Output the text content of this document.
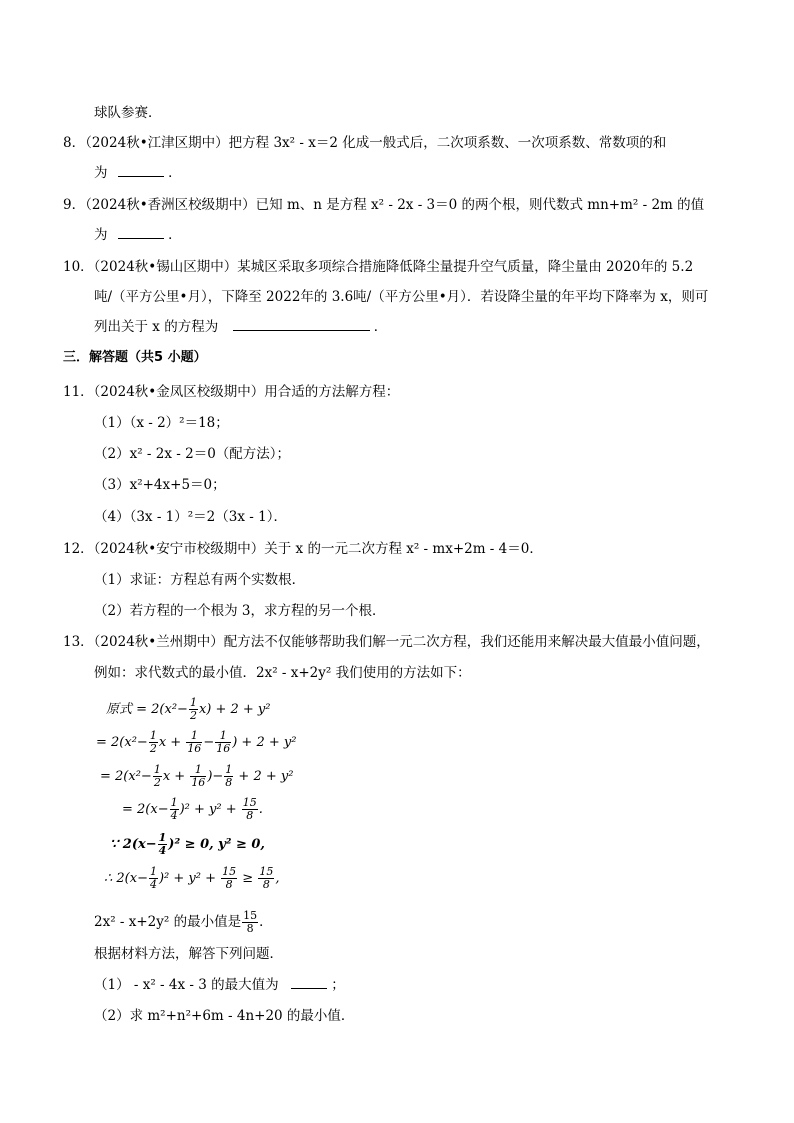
球队参赛．
8．（2024秋•江津区期中）把方程 3x² - x＝2 化成一般式后，二次项系数、一次项系数、常数项的和
为	．
9．（2024秋•香洲区校级期中）已知 m、n 是方程 x² - 2x - 3＝0 的两个根，则代数式 mn+m² - 2m 的值
为	．
10．（2024秋•锡山区期中）某城区采取多项综合措施降低降尘量提升空气质量，降尘量由 2020年的 5.2
吨/（平方公里•月），下降至 2022年的 3.6吨/（平方公里•月）．若设降尘量的年平均下降率为 x，则可
列出关于 x 的方程为	．
三．解答题（共5 小题）
11．（2024秋•金凤区校级期中）用合适的方法解方程：
（1）（x - 2）²＝18；
（2）x² - 2x - 2＝0（配方法）；
（3）x²+4x+5＝0；
（4）（3x - 1）²＝2（3x - 1）．
12．（2024秋•安宁市校级期中）关于 x 的一元二次方程 x² - mx+2m - 4＝0．
（1）求证：方程总有两个实数根．
（2）若方程的一个根为 3，求方程的另一个根．
13．（2024秋•兰州期中）配方法不仅能够帮助我们解一元二次方程，我们还能用来解决最大值最小值问题，
例如：求代数式的最小值．2x² - x+2y² 我们使用的方法如下：
原式 = $2(x^2- \frac{1}{2} x) + 2 + y^2$
= $2(x^2- \frac{1}{2}$ $x + \frac{1}{16} - \frac{1}{16}$ ) + 2 + y²
= $2(x^2- \frac{1}{2}$ $x + \frac{1}{16}$ )− $\frac{1}{8} + 2 + y^2$
= $2(x- \frac{1}{4} )^2 + y^2 + \frac{15}{8}$ .
∵ $2(x- \frac{1}{4} )^2 \ge 0$, y² ≥ 0,
∴ $2(x- \frac{1}{4} )^2 + y^2 + \frac{15}{8} \ge \frac{15}{8}$ ,
2x² - x+2y² 的最小值是 $\frac{15}{8}$ ．
根据材料方法，解答下列问题．
（1） - x² - 4x - 3 的最大值为	；
（2）求 m²+n²+6m - 4n+20 的最小值．
